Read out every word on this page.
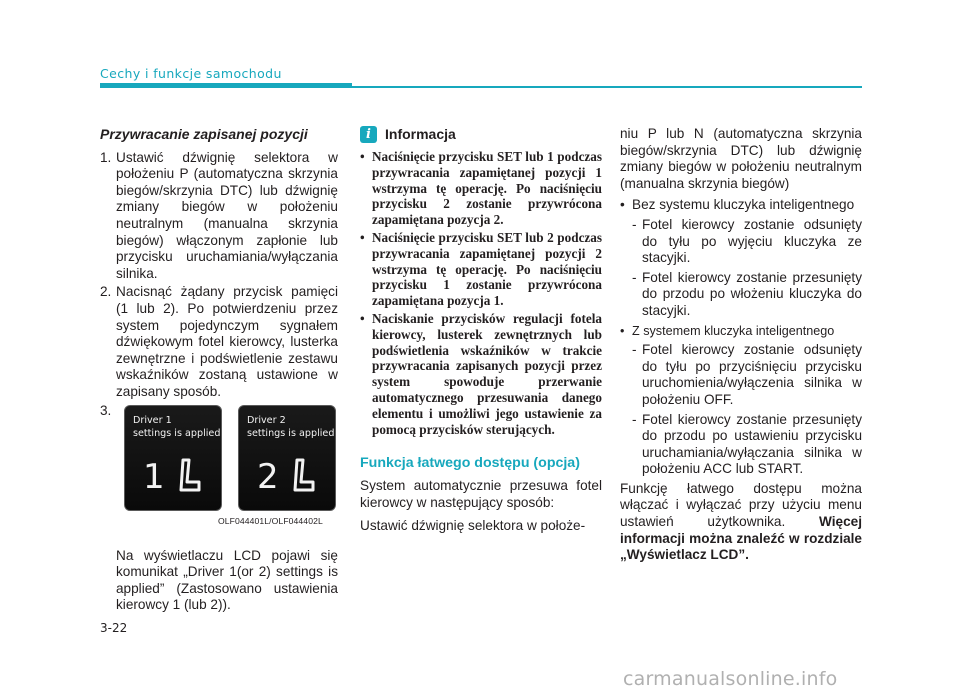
Cechy i funkcje samochodu
Przywracanie zapisanej pozycji
1. Ustawić dźwignię selektora w położeniu P (automatyczna skrzynia biegów/skrzynia DTC) lub dźwignię zmiany biegów w położeniu neutralnym (manualna skrzynia biegów) włączonym zapłonie lub przycisku uruchamiania/wyłączania silnika.
2. Nacisnąć żądany przycisk pamięci (1 lub 2). Po potwierdzeniu przez system pojedynczym sygnałem dźwiękowym fotel kierowcy, lusterka zewnętrzne i podświetlenie zestawu wskaźników zostaną ustawione w zapisany sposób.
3.
Driver 1
settings is applied
1
Driver 2
settings is applied
2
OLF044401L/OLF044402L
Na wyświetlaczu LCD pojawi się komunikat „Driver 1(or 2) settings is applied” (Zastosowano ustawienia kierowcy 1 (lub 2)).
i	Informacja
• Naciśnięcie przycisku SET lub 1 podczas przywracania zapamiętanej pozycji 1 wstrzyma tę operację. Po naciśnięciu przycisku 2 zostanie przywrócona zapamiętana pozycja 2.
• Naciśnięcie przycisku SET lub 2 podczas przywracania zapamiętanej pozycji 2 wstrzyma tę operację. Po naciśnięciu przycisku 1 zostanie przywrócona zapamiętana pozycja 1.
• Naciskanie przycisków regulacji fotela kierowcy, lusterek zewnętrznych lub podświetlenia wskaźników w trakcie przywracania zapisanych pozycji przez system spowoduje przerwanie automatycznego przesuwania danego elementu i umożliwi jego ustawienie za pomocą przycisków sterujących.
Funkcja łatwego dostępu (opcja)
System automatycznie przesuwa fotel kierowcy w następujący sposób:
Ustawić dźwignię selektora w położe-
niu P lub N (automatyczna skrzynia biegów/skrzynia DTC) lub dźwignię zmiany biegów w położeniu neutralnym (manualna skrzynia biegów)
• Bez systemu kluczyka inteligentnego
- Fotel kierowcy zostanie odsunięty do tyłu po wyjęciu kluczyka ze stacyjki.
- Fotel kierowcy zostanie przesunięty do przodu po włożeniu kluczyka do stacyjki.
• Z systemem kluczyka inteligentnego
- Fotel kierowcy zostanie odsunięty do tyłu po przyciśnięciu przycisku uruchomienia/wyłączenia silnika w położeniu OFF.
- Fotel kierowcy zostanie przesunięty do przodu po ustawieniu przycisku uruchamiania/wyłączania silnika w położeniu ACC lub START.
Funkcję łatwego dostępu można włączać i wyłączać przy użyciu menu ustawień użytkownika. Więcej informacji można znaleźć w rozdziale „Wyświetlacz LCD”.
3-22
carmanualsonline.info
